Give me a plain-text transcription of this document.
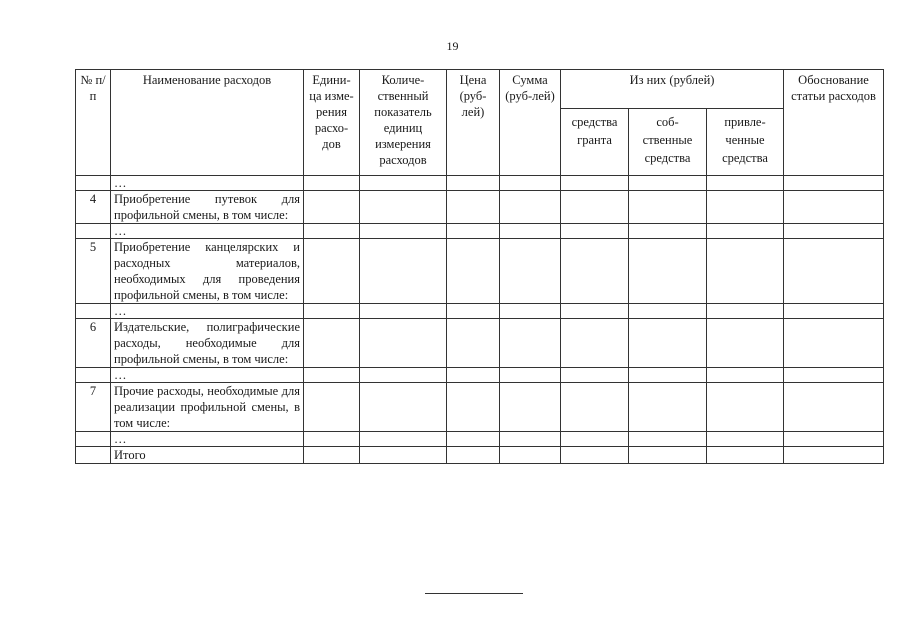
19
№ п/п	Наименование расходов	Едини-ца изме-рения расхо-дов	Количе-ственный показатель единиц измерения расходов	Цена (руб-лей)	Сумма (руб-лей)	Из них (рублей)			Обоснование статьи расходов
						средства гранта	соб-ственные средства	привле-ченные средства	
	…								
4	Приобретение путевок для профильной смены, в том числе:								
	…								
5	Приобретение канцелярских и расходных материалов, необходимых для проведения профильной смены, в том числе:								
	…								
6	Издательские, полиграфические расходы, необходимые для профильной смены, в том числе:								
	…								
7	Прочие расходы, необходимые для реализации профильной смены, в том числе:								
	…								
	Итого								
